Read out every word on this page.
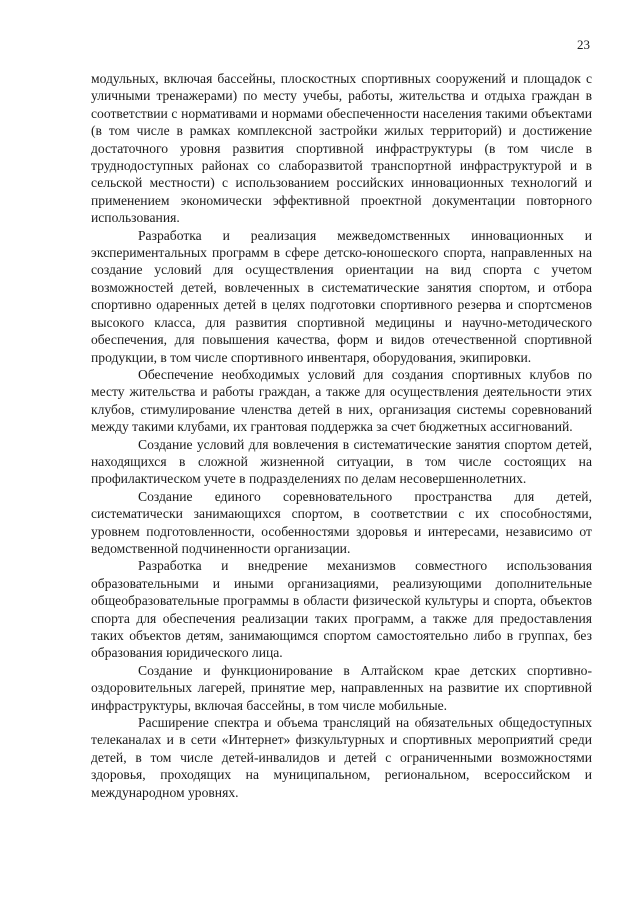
23

модульных, включая бассейны, плоскостных спортивных сооружений и площадок с уличными тренажерами) по месту учебы, работы, жительства и отдыха граждан в соответствии с нормативами и нормами обеспеченности населения такими объектами (в том числе в рамках комплексной застройки жилых территорий) и достижение достаточного уровня развития спортивной инфраструктуры (в том числе в труднодоступных районах со слаборазвитой транспортной инфраструктурой и в сельской местности) с использованием российских инновационных технологий и применением экономически эффективной проектной документации повторного использования.

Разработка и реализация межведомственных инновационных и экспериментальных программ в сфере детско-юношеского спорта, направленных на создание условий для осуществления ориентации на вид спорта с учетом возможностей детей, вовлеченных в систематические занятия спортом, и отбора спортивно одаренных детей в целях подготовки спортивного резерва и спортсменов высокого класса, для развития спортивной медицины и научно-методического обеспечения, для повышения качества, форм и видов отечественной спортивной продукции, в том числе спортивного инвентаря, оборудования, экипировки.

Обеспечение необходимых условий для создания спортивных клубов по месту жительства и работы граждан, а также для осуществления деятельности этих клубов, стимулирование членства детей в них, организация системы соревнований между такими клубами, их грантовая поддержка за счет бюджетных ассигнований.

Создание условий для вовлечения в систематические занятия спортом детей, находящихся в сложной жизненной ситуации, в том числе состоящих на профилактическом учете в подразделениях по делам несовершеннолетних.

Создание единого соревновательного пространства для детей, систематически занимающихся спортом, в соответствии с их способностями, уровнем подготовленности, особенностями здоровья и интересами, независимо от ведомственной подчиненности организации.

Разработка и внедрение механизмов совместного использования образовательными и иными организациями, реализующими дополнительные общеобразовательные программы в области физической культуры и спорта, объектов спорта для обеспечения реализации таких программ, а также для предоставления таких объектов детям, занимающимся спортом самостоятельно либо в группах, без образования юридического лица.

Создание и функционирование в Алтайском крае детских спортивно-оздоровительных лагерей, принятие мер, направленных на развитие их спортивной инфраструктуры, включая бассейны, в том числе мобильные.

Расширение спектра и объема трансляций на обязательных общедоступных телеканалах и в сети «Интернет» физкультурных и спортивных мероприятий среди детей, в том числе детей-инвалидов и детей с ограниченными возможностями здоровья, проходящих на муниципальном, региональном, всероссийском и международном уровнях.
